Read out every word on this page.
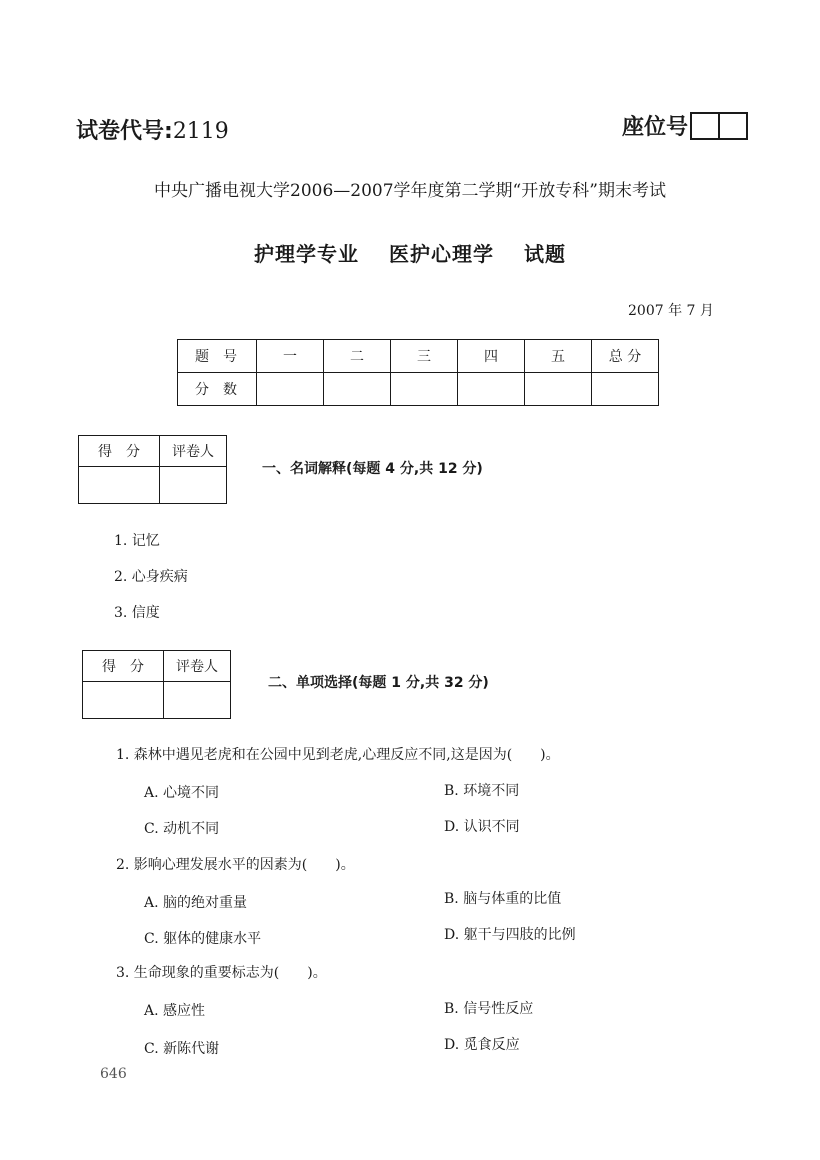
试卷代号:2119	座位号
中央广播电视大学2006—2007学年度第二学期“开放专科”期末考试
护理学专业 医护心理学 试题
2007 年 7 月
题号	一	二	三	四	五	总 分
分数						
得分	评卷人

一、名词解释(每题 4 分,共 12 分)
1. 记忆
2. 心身疾病
3. 信度
得分	评卷人

二、单项选择(每题 1 分,共 32 分)
1. 森林中遇见老虎和在公园中见到老虎,心理反应不同,这是因为(　　)。
A. 心境不同	B. 环境不同
C. 动机不同	D. 认识不同
2. 影响心理发展水平的因素为(　　)。
A. 脑的绝对重量	B. 脑与体重的比值
C. 躯体的健康水平	D. 躯干与四肢的比例
3. 生命现象的重要标志为(　　)。
A. 感应性	B. 信号性反应
C. 新陈代谢	D. 觅食反应
646
